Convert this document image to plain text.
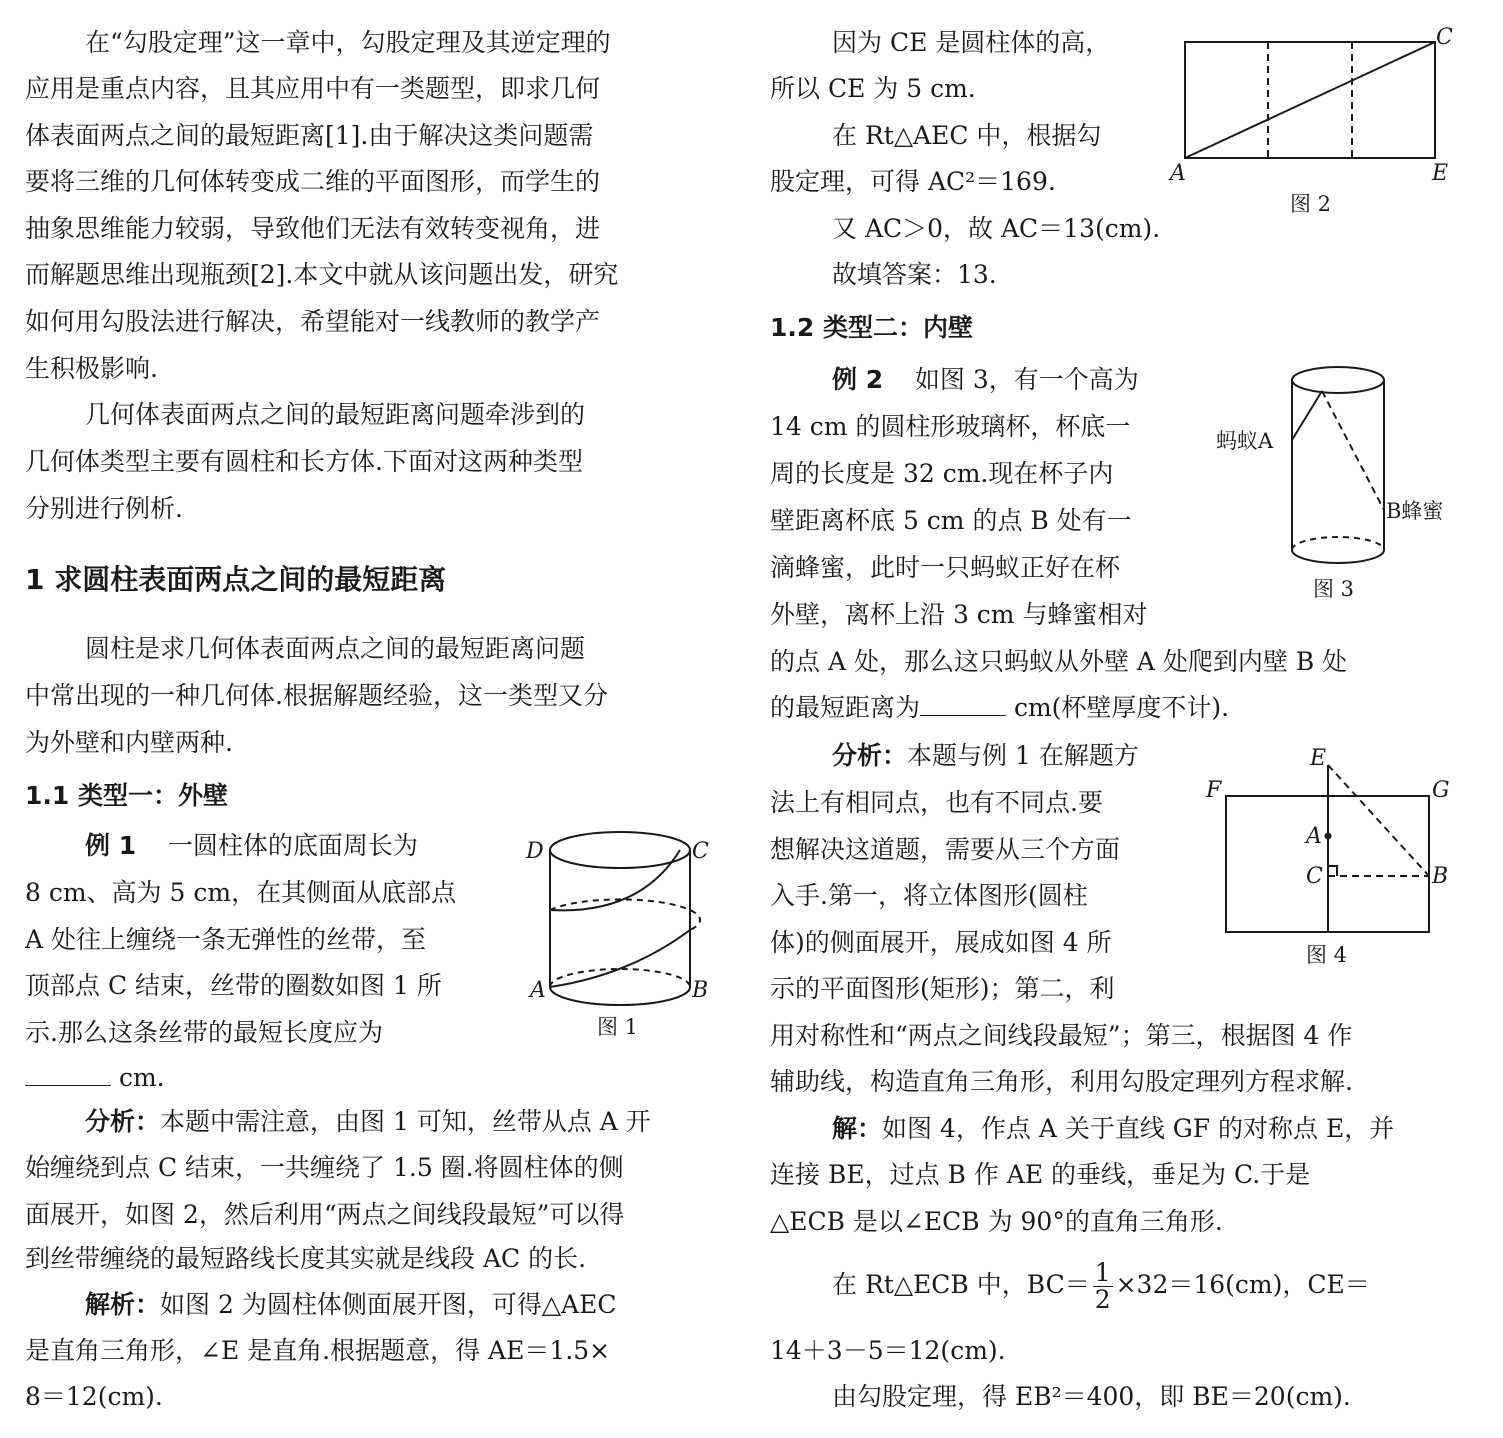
在“勾股定理”这一章中，勾股定理及其逆定理的
应用是重点内容，且其应用中有一类题型，即求几何
体表面两点之间的最短距离[1].由于解决这类问题需
要将三维的几何体转变成二维的平面图形，而学生的
抽象思维能力较弱，导致他们无法有效转变视角，进
而解题思维出现瓶颈[2].本文中就从该问题出发，研究
如何用勾股法进行解决，希望能对一线教师的教学产
生积极影响.
几何体表面两点之间的最短距离问题牵涉到的
几何体类型主要有圆柱和长方体.下面对这两种类型
分别进行例析.
1 求圆柱表面两点之间的最短距离
圆柱是求几何体表面两点之间的最短距离问题
中常出现的一种几何体.根据解题经验，这一类型又分
为外壁和内壁两种.
1.1 类型一：外壁
例 1 一圆柱体的底面周长为
8 cm、高为 5 cm，在其侧面从底部点
A 处往上缠绕一条无弹性的丝带，至
顶部点 C 结束，丝带的圈数如图 1 所
示.那么这条丝带的最短长度应为
cm.
分析：本题中需注意，由图 1 可知，丝带从点 A 开
始缠绕到点 C 结束，一共缠绕了 1.5 圈.将圆柱体的侧
面展开，如图 2，然后利用“两点之间线段最短”可以得
到丝带缠绕的最短路线长度其实就是线段 AC 的长.
解析：如图 2 为圆柱体侧面展开图，可得△AEC
是直角三角形，∠E 是直角.根据题意，得 AE＝1.5×
8＝12(cm).
D	C
A	B
图 1
因为 CE 是圆柱体的高，
所以 CE 为 5 cm.
在 Rt△AEC 中，根据勾
股定理，可得 AC²＝169.
又 AC＞0，故 AC＝13(cm).
故填答案：13.
1.2 类型二：内壁
例 2 如图 3，有一个高为
14 cm 的圆柱形玻璃杯，杯底一
周的长度是 32 cm.现在杯子内
壁距离杯底 5 cm 的点 B 处有一
滴蜂蜜，此时一只蚂蚁正好在杯
外壁，离杯上沿 3 cm 与蜂蜜相对
的点 A 处，那么这只蚂蚁从外壁 A 处爬到内壁 B 处
的最短距离为	cm(杯壁厚度不计).
分析：本题与例 1 在解题方
法上有相同点，也有不同点.要
想解决这道题，需要从三个方面
入手.第一，将立体图形(圆柱
体)的侧面展开，展成如图 4 所
示的平面图形(矩形)；第二，利
用对称性和“两点之间线段最短”；第三，根据图 4 作
辅助线，构造直角三角形，利用勾股定理列方程求解.
解：如图 4，作点 A 关于直线 GF 的对称点 E，并
连接 BE，过点 B 作 AE 的垂线，垂足为 C.于是
△ECB 是以∠ECB 为 90°的直角三角形.
在 Rt△ECB 中，$BC= \frac{1}{2} \times 32=16(cm)$，CE＝
14＋3－5＝12(cm).
由勾股定理，得 EB²＝400，即 BE＝20(cm).
A
C
E
图 2
蚂蚁A
B蜂蜜
图 3
E
F	G
A
C	B
图 4
